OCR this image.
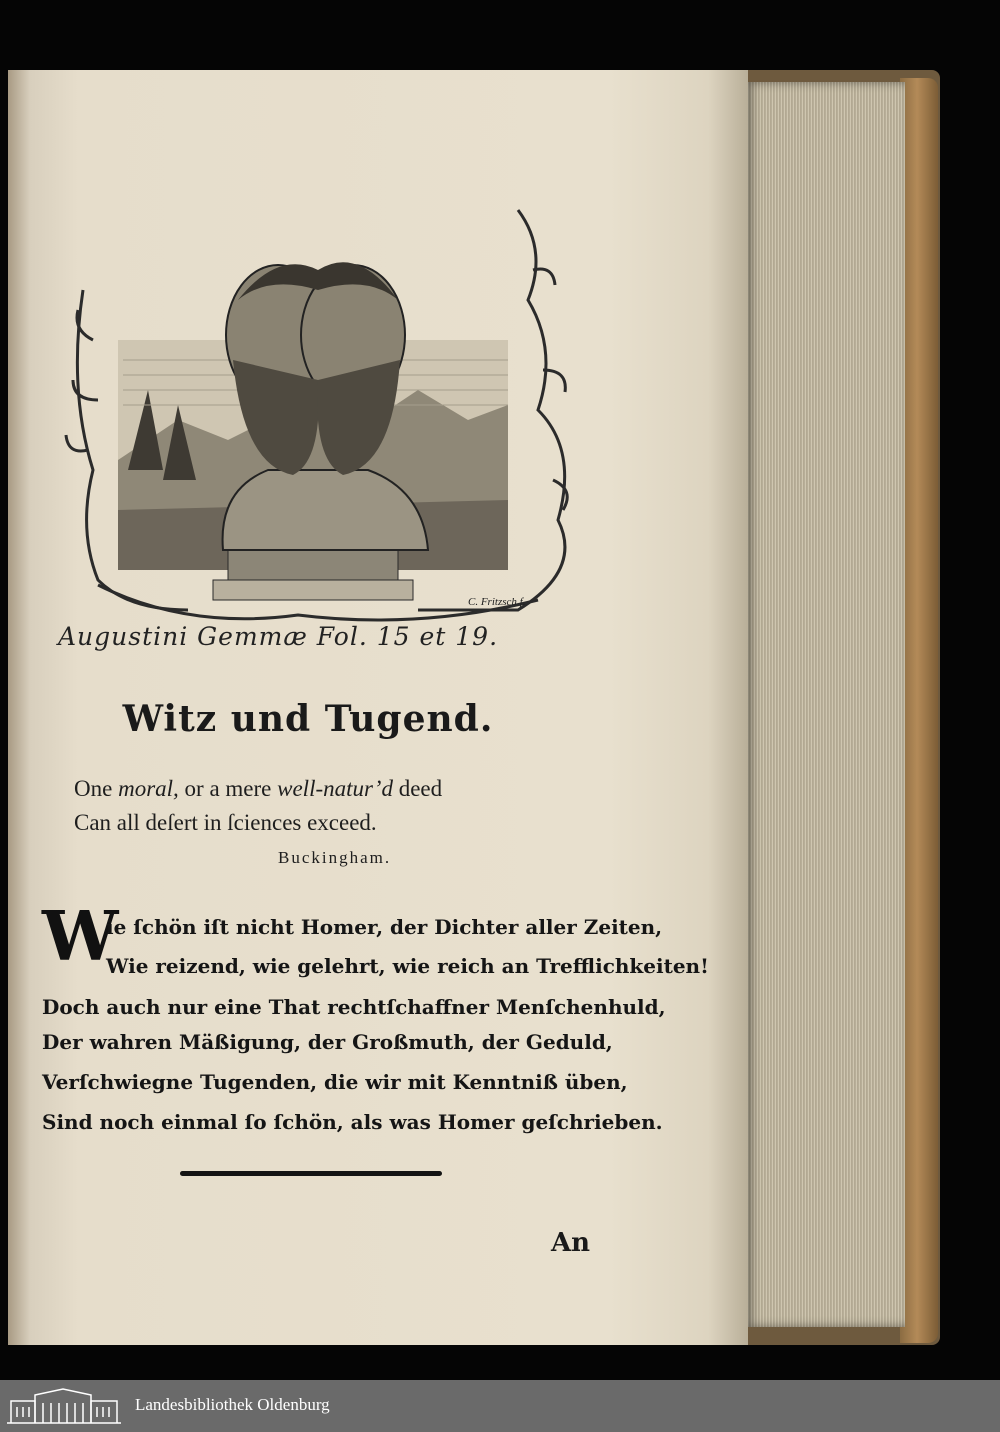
C. Fritzsch f.
Augustini Gemmæ Fol. 15 et 19.
Witz und Tugend.
One moral, or a mere well-natur’d deed
Can all deſert in ſciences exceed.
Buckingham.
W
ie ſchön iſt nicht Homer, der Dichter aller Zeiten,
Wie reizend, wie gelehrt, wie reich an Trefflichkeiten!
Doch auch nur eine That rechtſchaffner Menſchenhuld,
Der wahren Mäßigung, der Großmuth, der Geduld,
Verſchwiegne Tugenden, die wir mit Kenntniß üben,
Sind noch einmal ſo ſchön, als was Homer geſchrieben.
An
Landesbibliothek Oldenburg
